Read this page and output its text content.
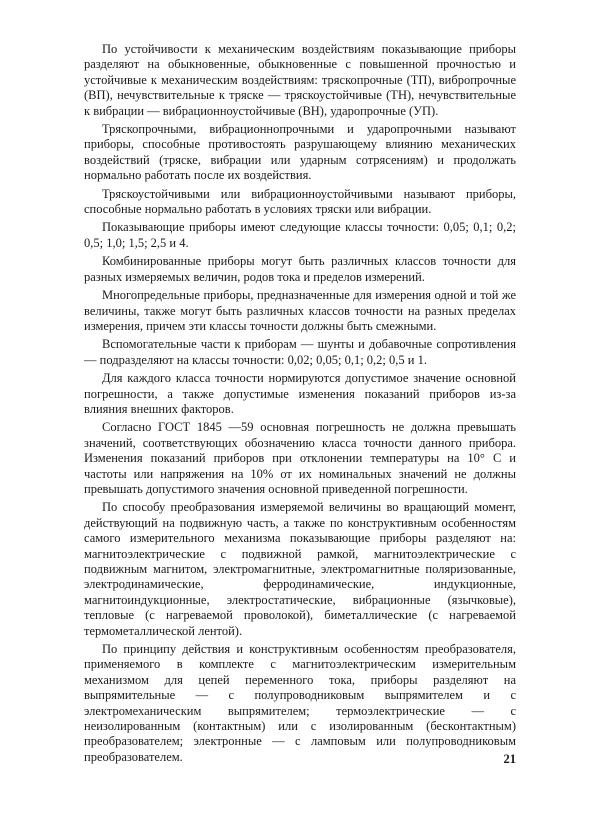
По устойчивости к механическим воздействиям показывающие приборы разделяют на обыкновенные, обыкновенные с повышенной прочностью и устойчивые к механическим воздействиям: тряскопрочные (ТП), вибропрочные (ВП), нечувствительные к тряске — тряскоустойчивые (ТН), нечувствительные к вибрации — вибрационноустойчивые (ВН), ударопрочные (УП).

Тряскопрочными, вибрационнопрочными и ударопрочными называют приборы, способные противостоять разрушающему влиянию механических воздействий (тряске, вибрации или ударным сотрясениям) и продолжать нормально работать после их воздействия.

Тряскоустойчивыми или вибрационноустойчивыми называют приборы, способные нормально работать в условиях тряски или вибрации.

Показывающие приборы имеют следующие классы точности: 0,05; 0,1; 0,2; 0,5; 1,0; 1,5; 2,5 и 4.

Комбинированные приборы могут быть различных классов точности для разных измеряемых величин, родов тока и пределов измерений.

Многопредельные приборы, предназначенные для измерения одной и той же величины, также могут быть различных классов точности на разных пределах измерения, причем эти классы точности должны быть смежными.

Вспомогательные части к приборам — шунты и добавочные сопротивления — подразделяют на классы точности: 0,02; 0,05; 0,1; 0,2; 0,5 и 1.

Для каждого класса точности нормируются допустимое значение основной погрешности, а также допустимые изменения показаний приборов из-за влияния внешних факторов.

Согласно ГОСТ 1845 —59 основная погрешность не должна превышать значений, соответствующих обозначению класса точности данного прибора. Изменения показаний приборов при отклонении температуры на 10° С и частоты или напряжения на 10% от их номинальных значений не должны превышать допустимого значения основной приведенной погрешности.

По способу преобразования измеряемой величины во вращающий момент, действующий на подвижную часть, а также по конструктивным особенностям самого измерительного механизма показывающие приборы разделяют на: магнитоэлектрические с подвижной рамкой, магнитоэлектрические с подвижным магнитом, электромагнитные, электромагнитные поляризованные, электродинамические, ферродинамические, индукционные, магнитоиндукционные, электростатические, вибрационные (язычковые), тепловые (с нагреваемой проволокой), биметаллические (с нагреваемой термометаллической лентой).

По принципу действия и конструктивным особенностям преобразователя, применяемого в комплекте с магнитоэлектрическим измерительным механизмом для цепей переменного тока, приборы разделяют на выпрямительные — с полупроводниковым выпрямителем и с электромеханическим выпрямителем; термоэлектрические — с неизолированным (контактным) или с изолированным (бесконтактным) преобразователем; электронные — с ламповым или полупроводниковым преобразователем.	21
